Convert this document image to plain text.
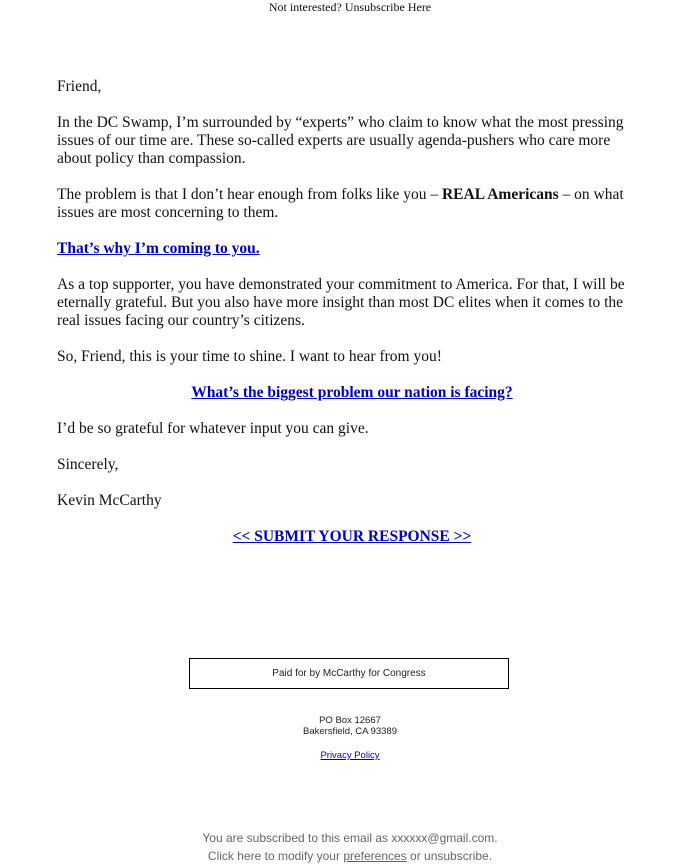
Not interested? Unsubscribe Here

Friend,

In the DC Swamp, I’m surrounded by “experts” who claim to know what the most pressing issues of our time are. These so-called experts are usually agenda-pushers who care more about policy than compassion.

The problem is that I don’t hear enough from folks like you – REAL Americans – on what issues are most concerning to them.

That’s why I’m coming to you.

As a top supporter, you have demonstrated your commitment to America. For that, I will be eternally grateful. But you also have more insight than most DC elites when it comes to the real issues facing our country’s citizens.

So, Friend, this is your time to shine. I want to hear from you!

What’s the biggest problem our nation is facing?

I’d be so grateful for whatever input you can give.

Sincerely,

Kevin McCarthy

<< SUBMIT YOUR RESPONSE >>

Paid for by McCarthy for Congress
PO Box 12667
Bakersfield, CA 93389
Privacy Policy
You are subscribed to this email as xxxxxx@gmail.com.
Click here to modify your preferences or unsubscribe.
